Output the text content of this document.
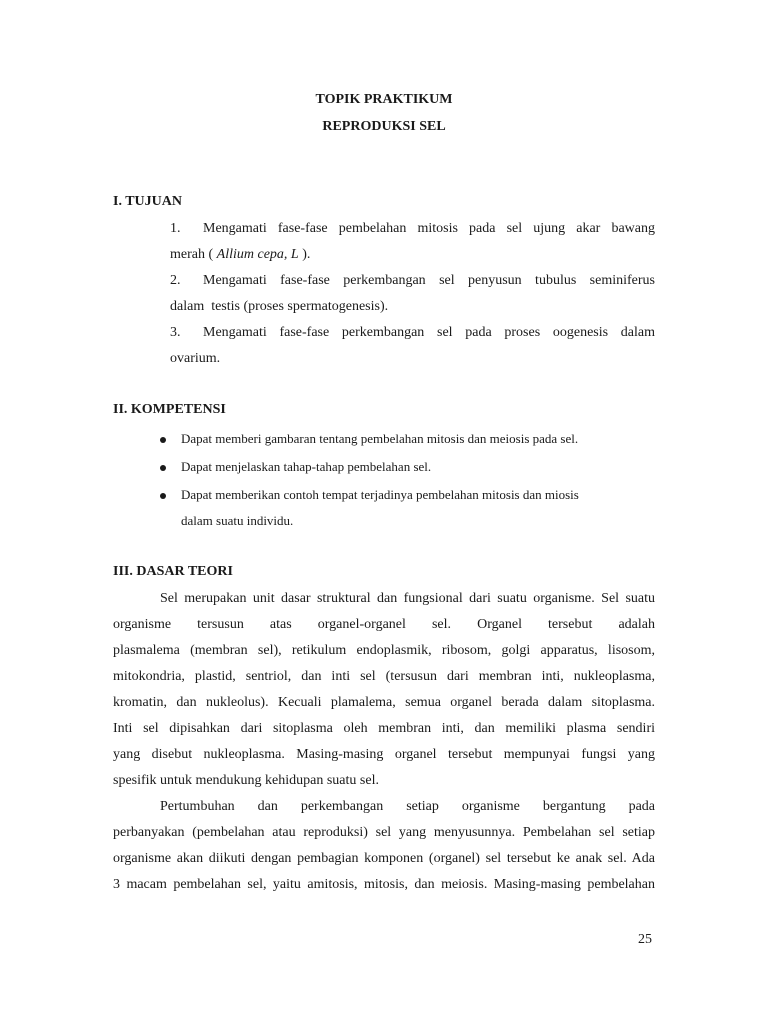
TOPIK PRAKTIKUM
REPRODUKSI SEL
I. TUJUAN
1. Mengamati fase-fase pembelahan mitosis pada sel ujung akar bawang
merah ( Allium cepa, L ).
2. Mengamati fase-fase perkembangan sel penyusun tubulus seminiferus
dalam  testis (proses spermatogenesis).
3. Mengamati fase-fase perkembangan sel pada proses oogenesis dalam
ovarium.
II. KOMPETENSI
Dapat memberi gambaran tentang pembelahan mitosis dan meiosis pada sel.
Dapat menjelaskan tahap-tahap pembelahan sel.
Dapat memberikan contoh tempat terjadinya pembelahan mitosis dan miosis
dalam suatu individu.
III. DASAR TEORI
Sel merupakan unit dasar struktural dan fungsional dari suatu organisme. Sel suatu
organisme tersusun atas organel-organel sel. Organel tersebut adalah
plasmalema (membran sel), retikulum endoplasmik, ribosom, golgi apparatus, lisosom,
mitokondria, plastid, sentriol, dan inti sel (tersusun dari membran inti, nukleoplasma,
kromatin, dan nukleolus). Kecuali plamalema, semua organel berada dalam sitoplasma.
Inti sel dipisahkan dari sitoplasma oleh membran inti, dan memiliki plasma sendiri
yang disebut nukleoplasma. Masing-masing organel tersebut mempunyai fungsi yang
spesifik untuk mendukung kehidupan suatu sel.
Pertumbuhan dan perkembangan setiap organisme bergantung pada
perbanyakan (pembelahan atau reproduksi) sel yang menyusunnya. Pembelahan sel setiap
organisme akan diikuti dengan pembagian komponen (organel) sel tersebut ke anak sel. Ada
3 macam pembelahan sel, yaitu amitosis, mitosis, dan meiosis. Masing-masing pembelahan
25
